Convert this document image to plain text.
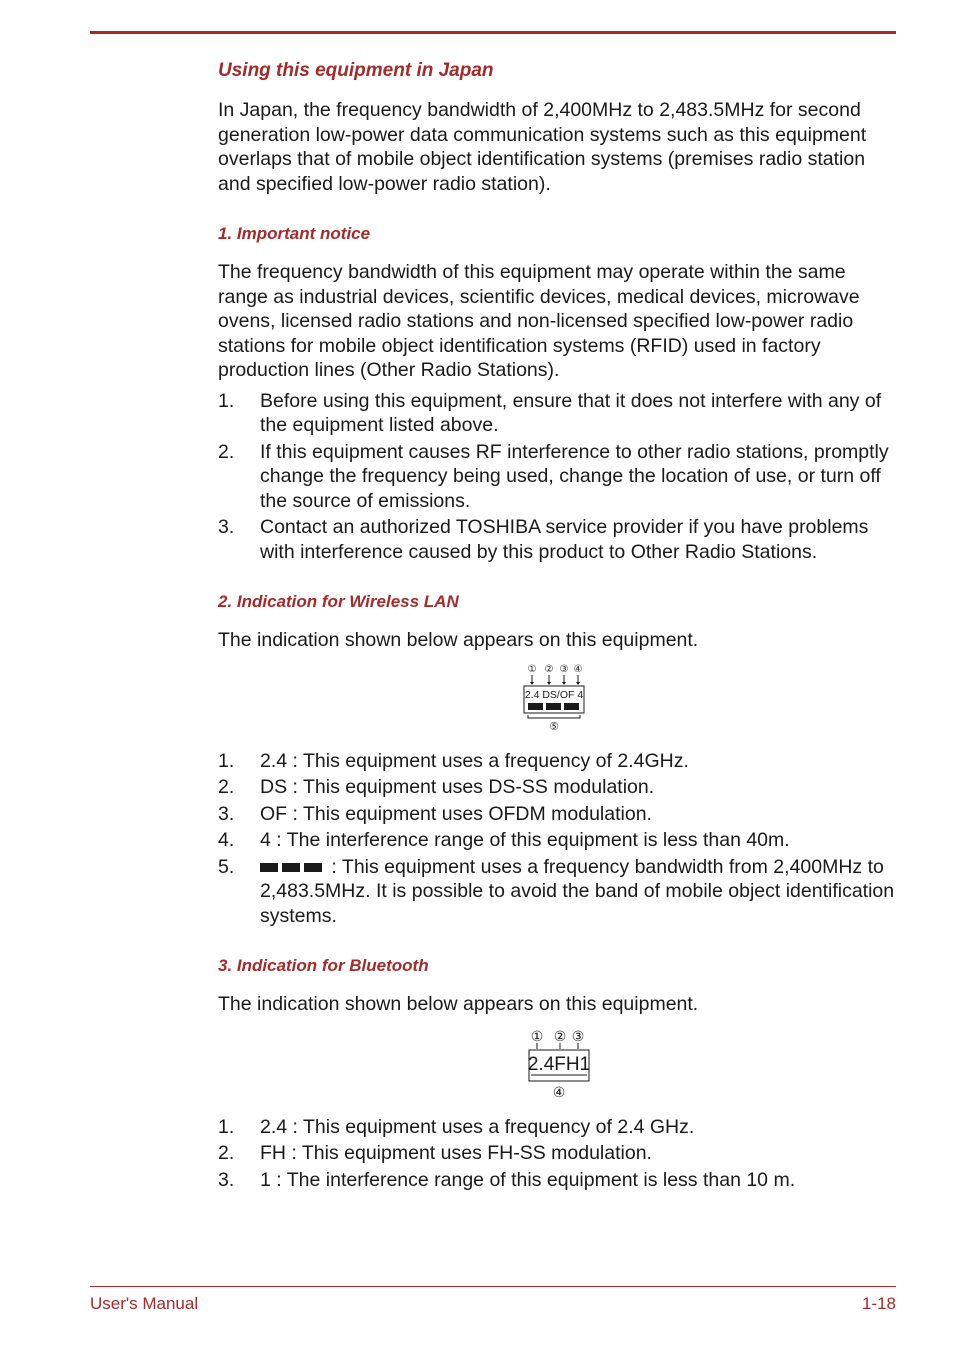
Using this equipment in Japan

In Japan, the frequency bandwidth of 2,400MHz to 2,483.5MHz for second generation low-power data communication systems such as this equipment overlaps that of mobile object identification systems (premises radio station and specified low-power radio station).

1. Important notice

The frequency bandwidth of this equipment may operate within the same range as industrial devices, scientific devices, medical devices, microwave ovens, licensed radio stations and non-licensed specified low-power radio stations for mobile object identification systems (RFID) used in factory production lines (Other Radio Stations).

1.	Before using this equipment, ensure that it does not interfere with any of the equipment listed above.
2.	If this equipment causes RF interference to other radio stations, promptly change the frequency being used, change the location of use, or turn off the source of emissions.
3.	Contact an authorized TOSHIBA service provider if you have problems with interference caused by this product to Other Radio Stations.
2. Indication for Wireless LAN

The indication shown below appears on this equipment.

① ② ③ ④
2.4 DS/OF 4
⑤
1.	2.4 : This equipment uses a frequency of 2.4GHz.
2.	DS : This equipment uses DS-SS modulation.
3.	OF : This equipment uses OFDM modulation.
4.	4 : The interference range of this equipment is less than 40m.
5.	: This equipment uses a frequency bandwidth from 2,400MHz to 2,483.5MHz. It is possible to avoid the band of mobile object identification systems.
3. Indication for Bluetooth

The indication shown below appears on this equipment.

① ② ③
2.4FH1
④
1.	2.4 : This equipment uses a frequency of 2.4 GHz.
2.	FH : This equipment uses FH-SS modulation.
3.	1 : The interference range of this equipment is less than 10 m.
User's Manual	1-18
